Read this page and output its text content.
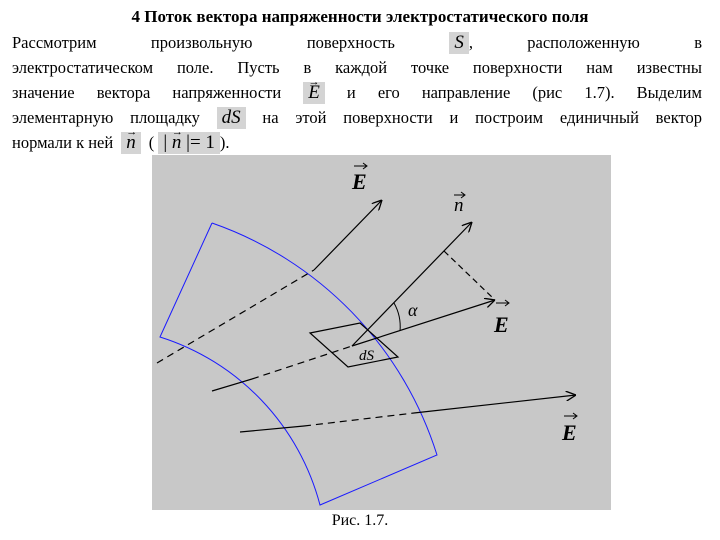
4 Поток вектора напряженности электростатического поля
Рассмотрим	произвольную	поверхность	S ,	расположенную	в
электростатическом поле. Пусть в каждой точке поверхности нам известны
значение вектора напряженности → E	и его направление (рис 1.7). Выделим
элементарную площадку dS	на этой поверхности и построим единичный вектор
нормали к ней → n ( | → n |= 1 ).
E
n
α
E
dS
E
Рис. 1.7.
